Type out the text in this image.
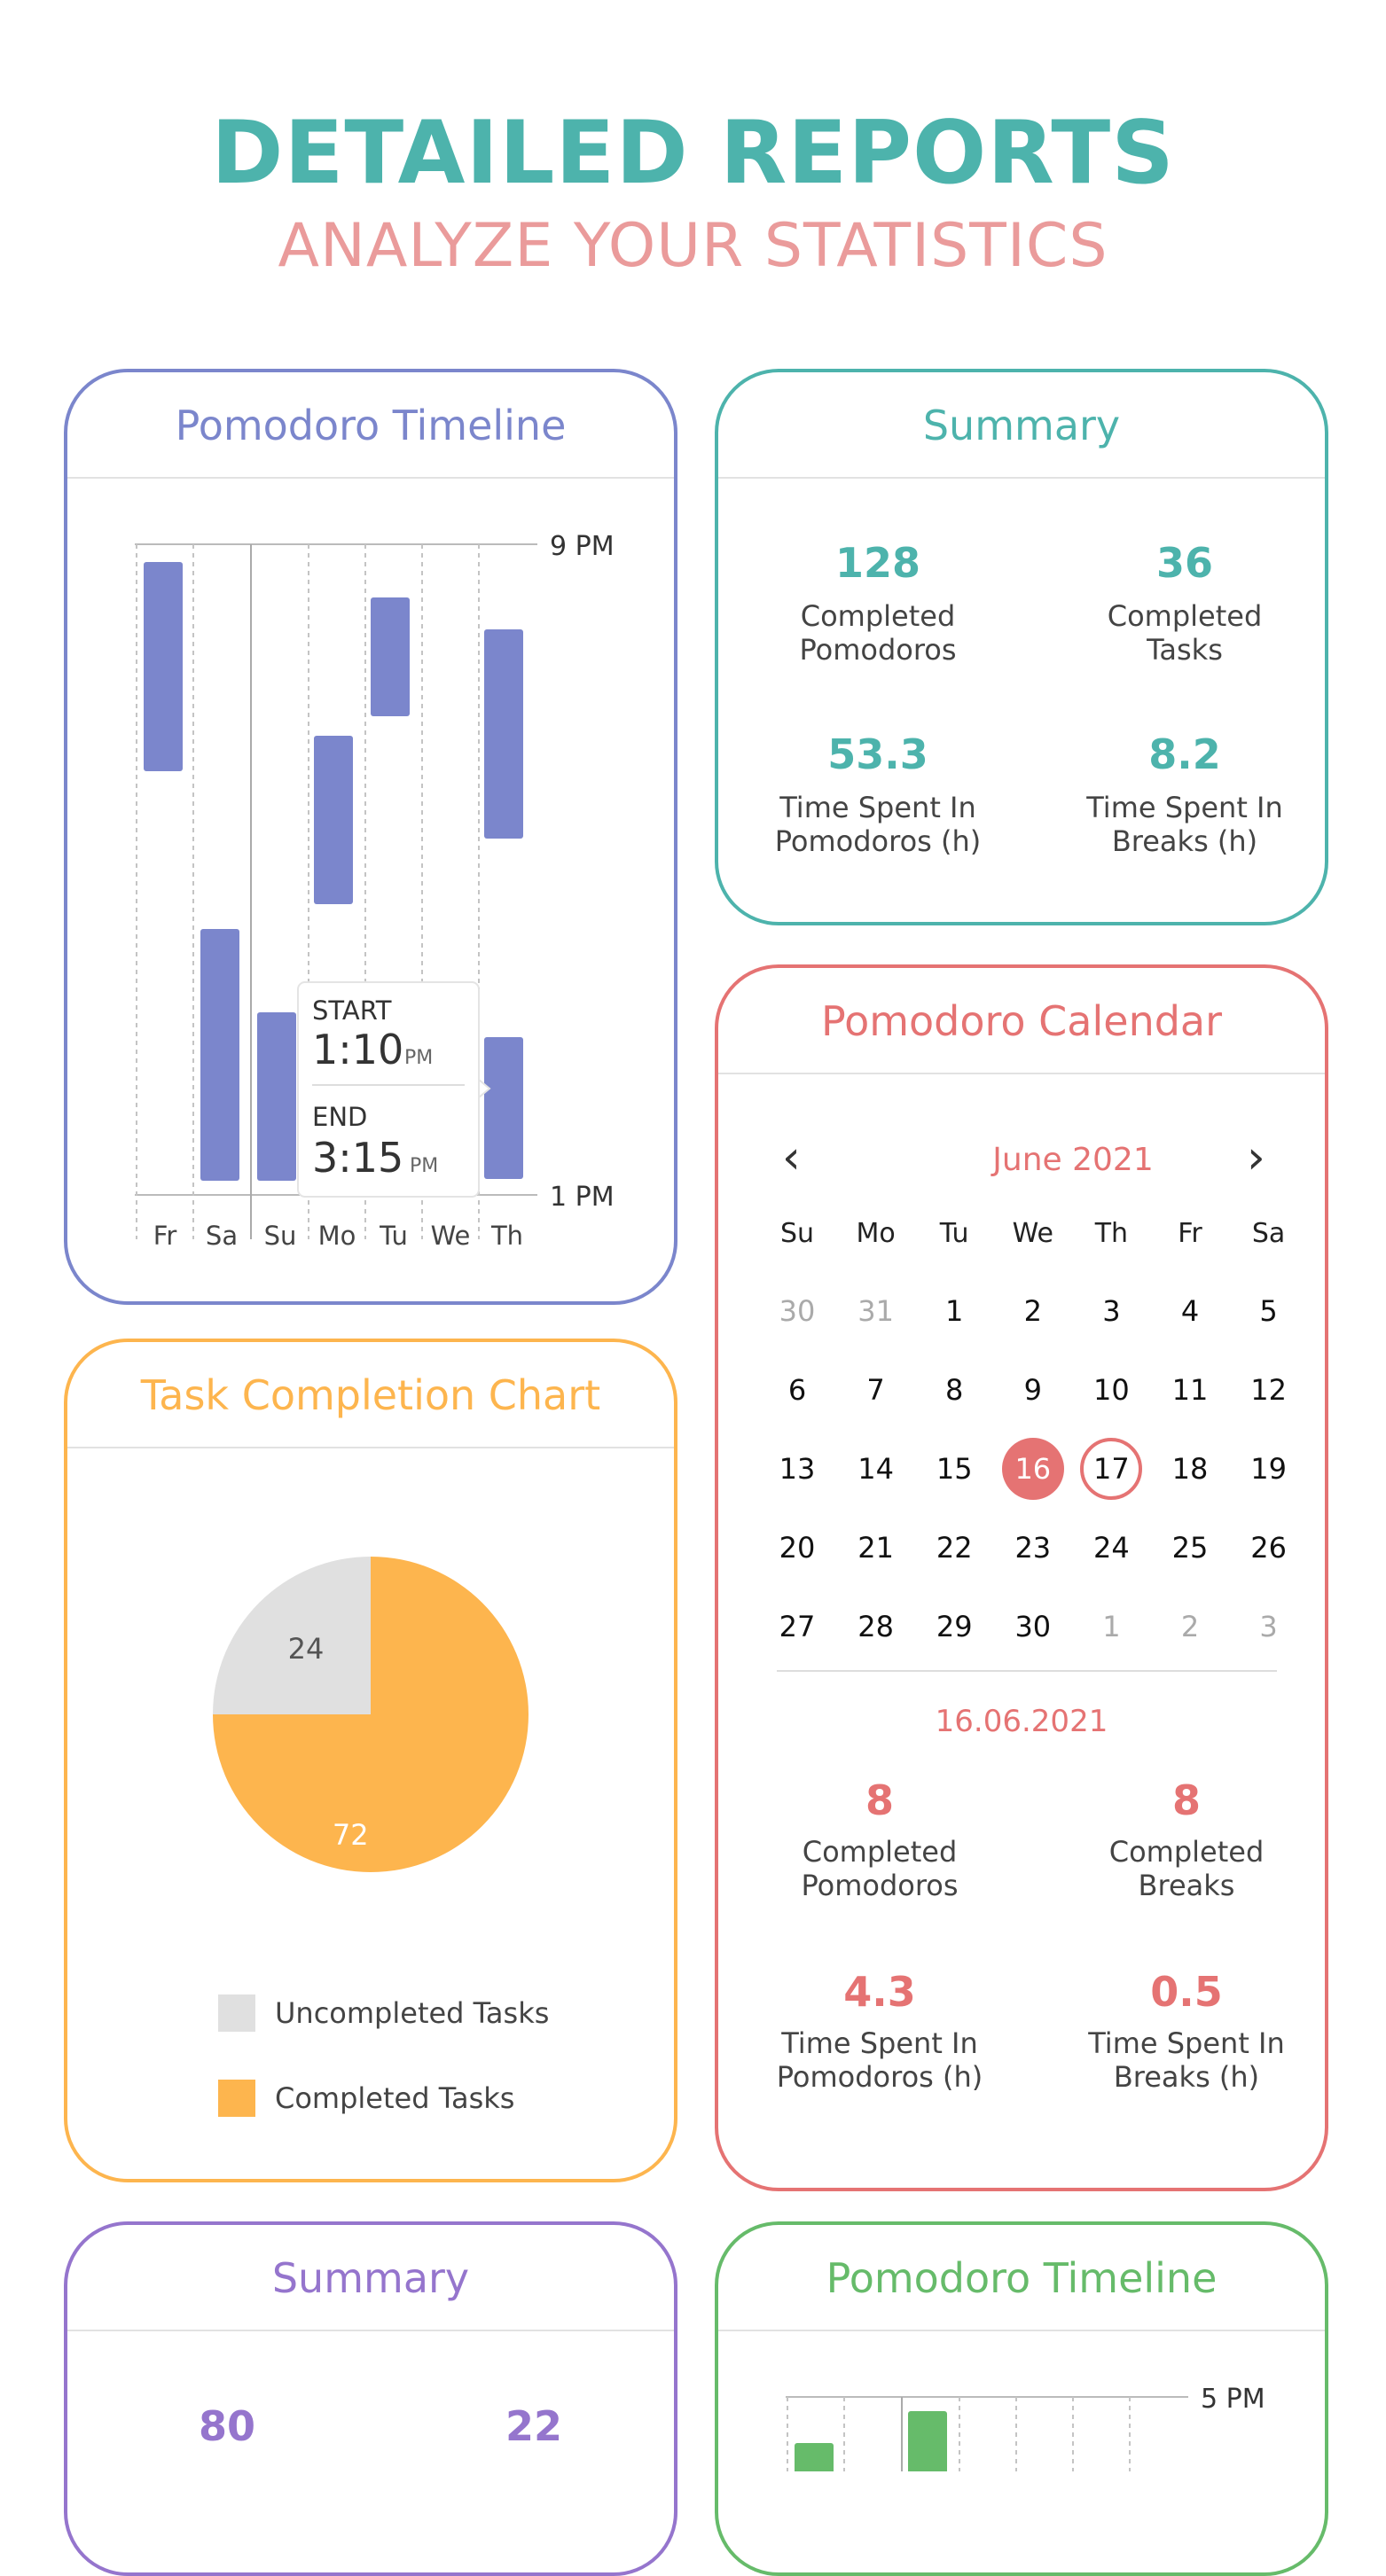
DETAILED REPORTS
ANALYZE YOUR STATISTICS
Pomodoro Timeline
9 PM
1 PM
Fr Sa Su Mo Tu We Th
START
1:10 PM
END
3:15 PM
Summary
128
Completed
Pomodoros
36
Completed
Tasks
53.3
Time Spent In
Pomodoros (h)
8.2
Time Spent In
Breaks (h)
Pomodoro Calendar
‹	June 2021	›
Su	Mo	Tu	We	Th	Fr	Sa
30	31	1	2	3	4	5
6	7	8	9	10	11	12
13	14	15	16	17	18	19
20	21	22	23	24	25	26
27	28	29	30	1	2	3
16.06.2021
8
Completed
Pomodoros
8
Completed
Breaks
4.3
Time Spent In
Pomodoros (h)
0.5
Time Spent In
Breaks (h)
Task Completion Chart
24
72
Uncompleted Tasks
Completed Tasks
Summary
80	22
Pomodoro Timeline
5 PM
